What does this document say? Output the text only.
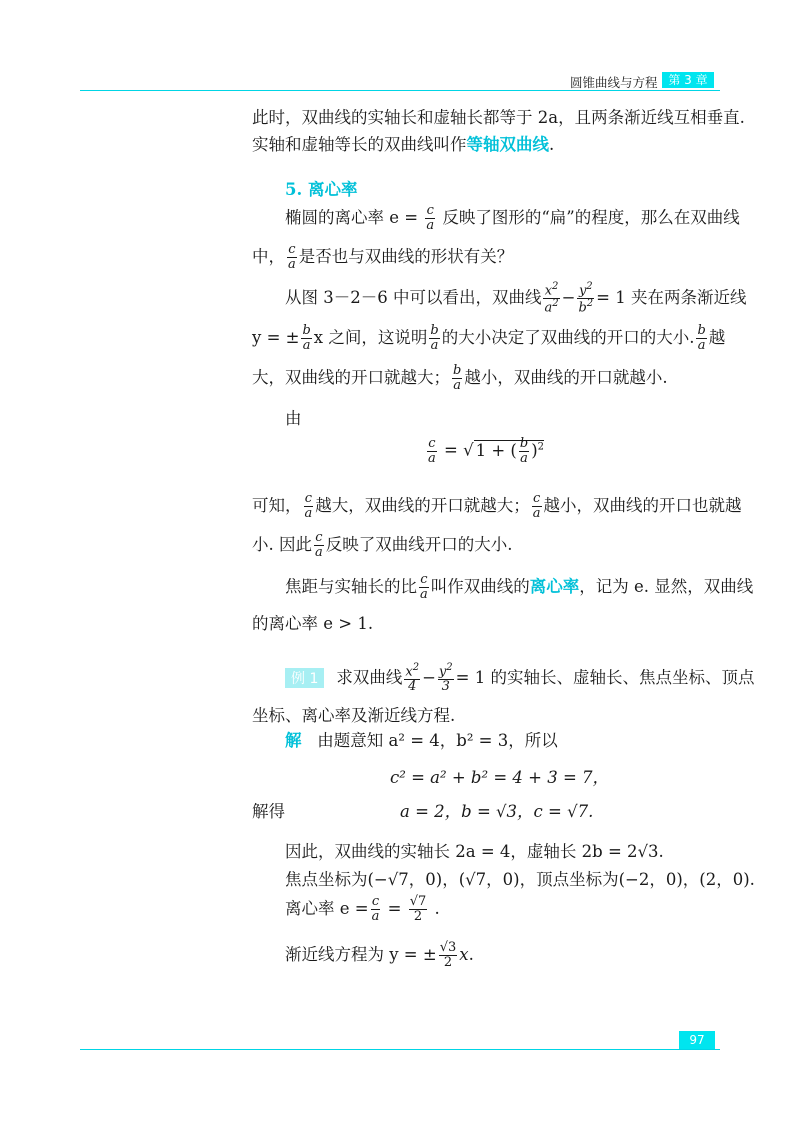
圆锥曲线与方程 第 3 章
此时，双曲线的实轴长和虚轴长都等于 2a，且两条渐近线互相垂直.
实轴和虚轴等长的双曲线叫作等轴双曲线.
5. 离心率
椭圆的离心率 $e = \frac{c}{a}$ 反映了图形的“扁”的程度，那么在双曲线
中， $\frac{c}{a}$ 是否也与双曲线的形状有关？
从图 3－2－6 中可以看出，双曲线 $\frac{x^2}{a^2} - \frac{y^2}{b^2} = 1$ 夹在两条渐近线
y = ± $\frac{b}{a}$ x 之间，这说明 $\frac{b}{a}$ 的大小决定了双曲线的开口的大小. $\frac{b}{a}$ 越
大，双曲线的开口就越大； $\frac{b}{a}$ 越小，双曲线的开口就越小.
由
$\frac{c}{a}$ = √ 1 + ( $\frac{b}{a} )^2$
可知， $\frac{c}{a}$ 越大，双曲线的开口就越大； $\frac{c}{a}$ 越小，双曲线的开口也就越
小. 因此 $\frac{c}{a}$ 反映了双曲线开口的大小.
焦距与实轴长的比 $\frac{c}{a}$ 叫作双曲线的离心率，记为 e. 显然，双曲线
的离心率 e > 1.
例 1 求双曲线 $\frac{x^2}{4} - \frac{y^2}{3} = 1$ 的实轴长、虚轴长、焦点坐标、顶点
坐标、离心率及渐近线方程.
解 由题意知 a² = 4，b² = 3，所以
c² = a² + b² = 4 + 3 = 7，
解得	a = 2，b = √3，c = √7.
因此，双曲线的实轴长 2a = 4，虚轴长 2b = 2√3.
焦点坐标为(−√7，0)，(√7，0)，顶点坐标为(−2，0)，(2，0).
离心率 $e = \frac{c}{a} = \frac{√7}{2}$ .
渐近线方程为 y = ± $\frac{√3}{2} x$.
97
